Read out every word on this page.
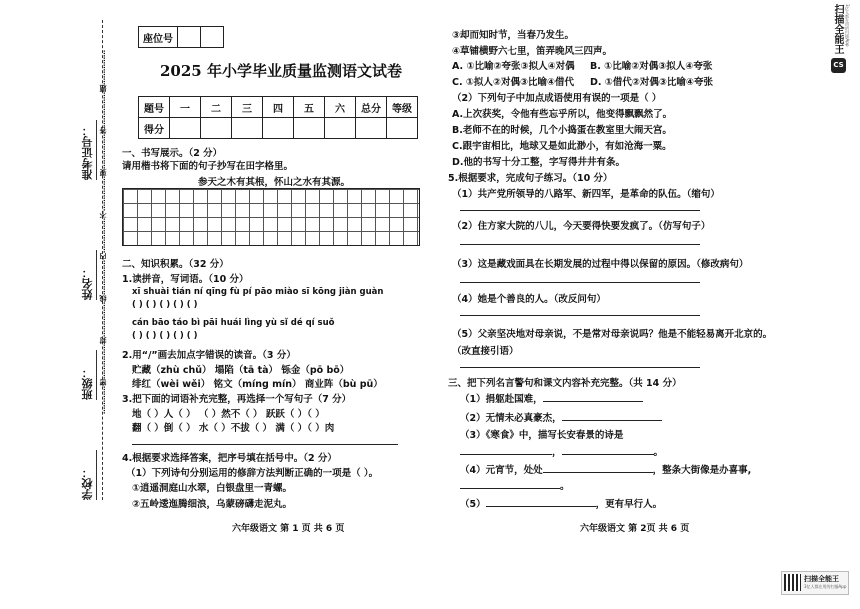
…………密……………封……………线……………内……………不……………要……………答……………题……………
准考证号：
姓名：
班级：
学校：
座位号		
2025 年小学毕业质量监测语文试卷
题号	一	二	三	四	五	六	总分	等级
得分								
一、书写展示。（2 分）
请用楷书将下面的句子抄写在田字格里。
参天之木有其根，怀山之水有其源。
二、知识积累。（32 分）
1.读拼音，写词语。（10 分）
xī shuài tián ní qīng fù pí pāo miào sī kōng jiàn guàn
( ) ( ) ( ) ( ) ( )
cán bāo táo bì pāi huái lìng yù sǐ dé qí suǒ
( ) ( ) ( ) ( ) ( )
2.用“/”画去加点字错误的读音。（3 分）
贮藏（zhù chǔ） 塌陷（tā tà） 铄金（pō bō）
绯红（wèi wěi） 铭文（míng mín） 商业阵（bù pū）
3.把下面的词语补充完整，再选择一个写句子（7 分）
地（ ）人（ ） （ ）然不（ ） 跃跃（ ）（ ）
翻（ ）倒（ ） 水（ ）不拔（ ） 满（ ）（ ）肉
4.根据要求选择答案，把序号填在括号中。（2 分）
（1）下列诗句分别运用的修辞方法判断正确的一项是（ ）。
①逍遥洞庭山水翠，白银盘里一青螺。
②五岭逶迤腾细浪，乌蒙磅礴走泥丸。
六年级语文 第 1 页 共 6 页
③却而知时节，当春乃发生。
④草铺横野六七里，笛弄晚风三四声。
A. ①比喻②夸张③拟人④对偶 B. ①比喻②对偶③拟人④夸张
C. ①拟人②对偶③比喻④借代 D. ①借代②对偶③比喻④夸张
（2）下列句子中加点成语使用有误的一项是（ ）
A.上次获奖，令他有些忘乎所以，他变得飘飘然了。
B.老师不在的时候，几个小捣蛋在教室里大闹天宫。
C.跟宇宙相比，地球又是如此渺小，有如沧海一粟。
D.他的书写十分工整，字写得井井有条。
5.根据要求，完成句子练习。（10 分）
（1）共产党所领导的八路军、新四军，是革命的队伍。（缩句）
（2）住方家大院的八儿，今天要得快要发疯了。（仿写句子）
（3）这是藏戏面具在长期发展的过程中得以保留的原因。（修改病句）
（4）她是个善良的人。（改反问句）
（5）父亲坚决地对母亲说，不是常对母亲说吗？他是不能轻易离开北京的。
（改直接引语）
三、把下列名言警句和课文内容补充完整。（共 14 分）
（1）捐躯赴国难，
（2）无情未必真豪杰，
（3）《寒食》中，描写长安春景的诗是
，	。
（4）元宵节，处处	，整条大街像是办喜事,
。
（5）	，更有早行人。
六年级语文 第 2页 共 6 页
扫描全能王 3亿人都在用的扫描App
CS
扫描全能王
3亿人都在用的扫描App
